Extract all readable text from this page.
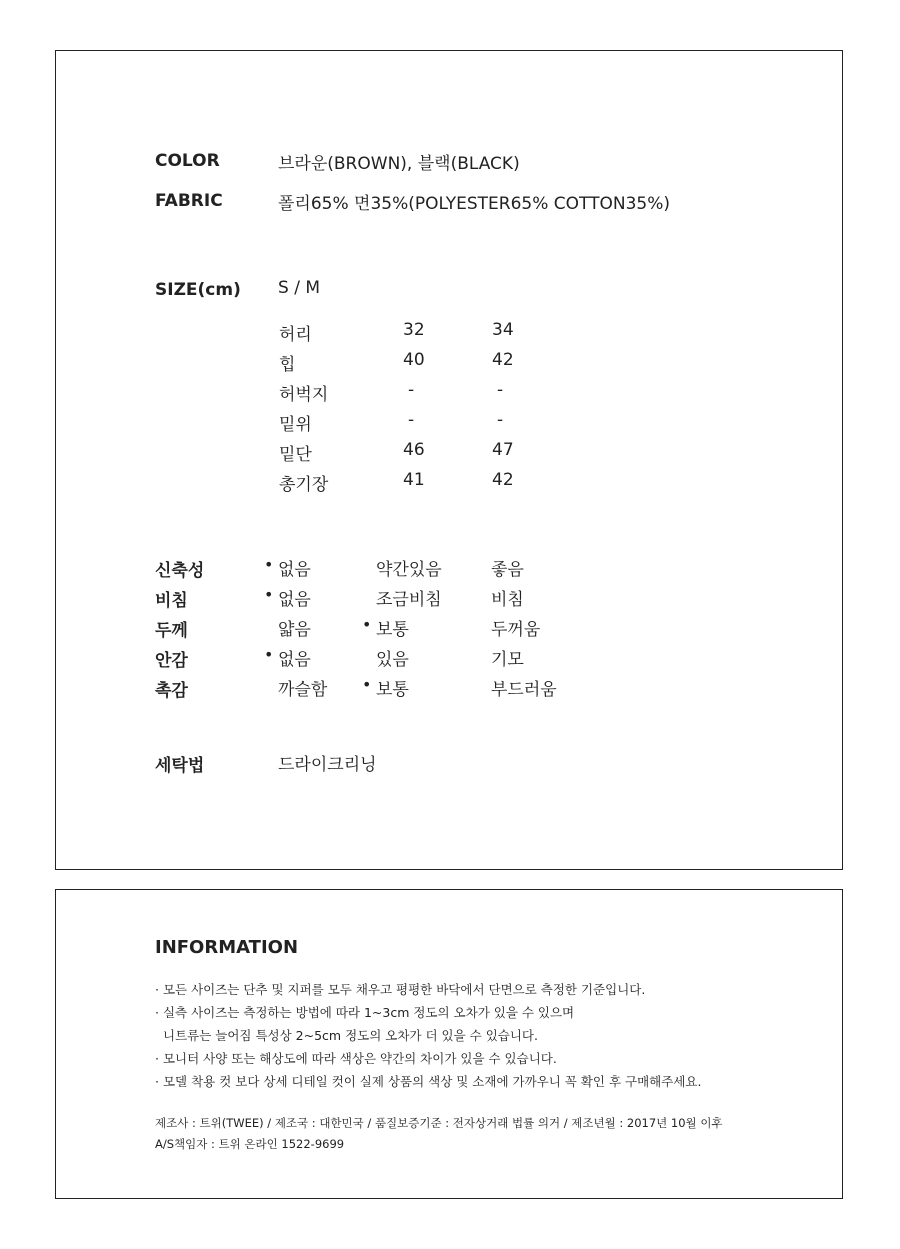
COLOR	브라운(BROWN), 블랙(BLACK)
FABRIC	폴리65% 면35%(POLYESTER65% COTTON35%)
SIZE(cm) S / M
허리	32	34
힙	40	42
허벅지	-	-
밑위	-	-
밑단	46	47
총기장	41	42
신축성	• 없음	약간있음	좋음
비침	• 없음	조금비침	비침
두께	얇음	• 보통	두꺼움
안감	• 없음	있음	기모
촉감	까슬함	• 보통	부드러움
세탁법	드라이크리닝
INFORMATION
· 모든 사이즈는 단추 및 지퍼를 모두 채우고 평평한 바닥에서 단면으로 측정한 기준입니다.
· 실측 사이즈는 측정하는 방법에 따라 1~3cm 정도의 오차가 있을 수 있으며
니트류는 늘어짐 특성상 2~5cm 정도의 오차가 더 있을 수 있습니다.
· 모니터 사양 또는 해상도에 따라 색상은 약간의 차이가 있을 수 있습니다.
· 모델 착용 컷 보다 상세 디테일 컷이 실제 상품의 색상 및 소재에 가까우니 꼭 확인 후 구매해주세요.
제조사 : 트위(TWEE) / 제조국 : 대한민국 / 품질보증기준 : 전자상거래 법률 의거 / 제조년월 : 2017년 10월 이후
A/S책임자 : 트위 온라인 1522-9699
